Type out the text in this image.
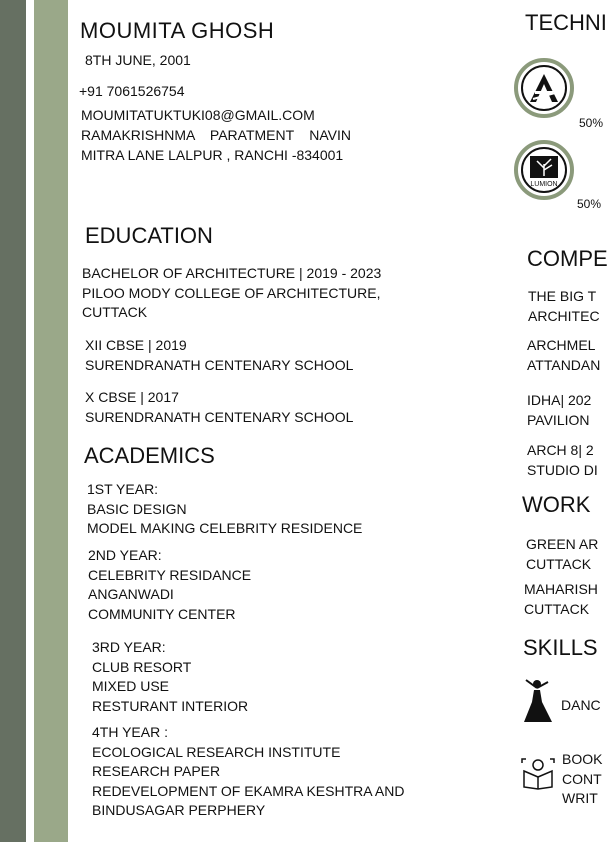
MOUMITA GHOSH
8TH JUNE, 2001
+91 7061526754
MOUMITATUKTUKI08@GMAIL.COM
RAMAKRISHNMA PARATMENT NAVIN MITRA LANE LALPUR , RANCHI -834001
EDUCATION
BACHELOR OF ARCHITECTURE | 2019 - 2023
PILOO MODY COLLEGE OF ARCHITECTURE,
CUTTACK
XII CBSE | 2019
SURENDRANATH CENTENARY SCHOOL
X CBSE | 2017
SURENDRANATH CENTENARY SCHOOL
ACADEMICS
1ST YEAR:
BASIC DESIGN
MODEL MAKING CELEBRITY RESIDENCE
2ND YEAR:
CELEBRITY RESIDANCE
ANGANWADI
COMMUNITY CENTER
3RD YEAR:
CLUB RESORT
MIXED USE
RESTURANT INTERIOR
4TH YEAR :
ECOLOGICAL RESEARCH INSTITUTE
RESEARCH PAPER
REDEVELOPMENT OF EKAMRA KESHTRA AND
BINDUSAGAR PERPHERY
TECHNI
50%
LUMION
50%
COMPE
THE BIG T
ARCHITEC
ARCHMEL
ATTANDAN
IDHA| 202
PAVILION
ARCH 8| 2
STUDIO DI
WORK
GREEN AR
CUTTACK
MAHARISH
CUTTACK
SKILLS
DANC
BOOK
CONT
WRIT
